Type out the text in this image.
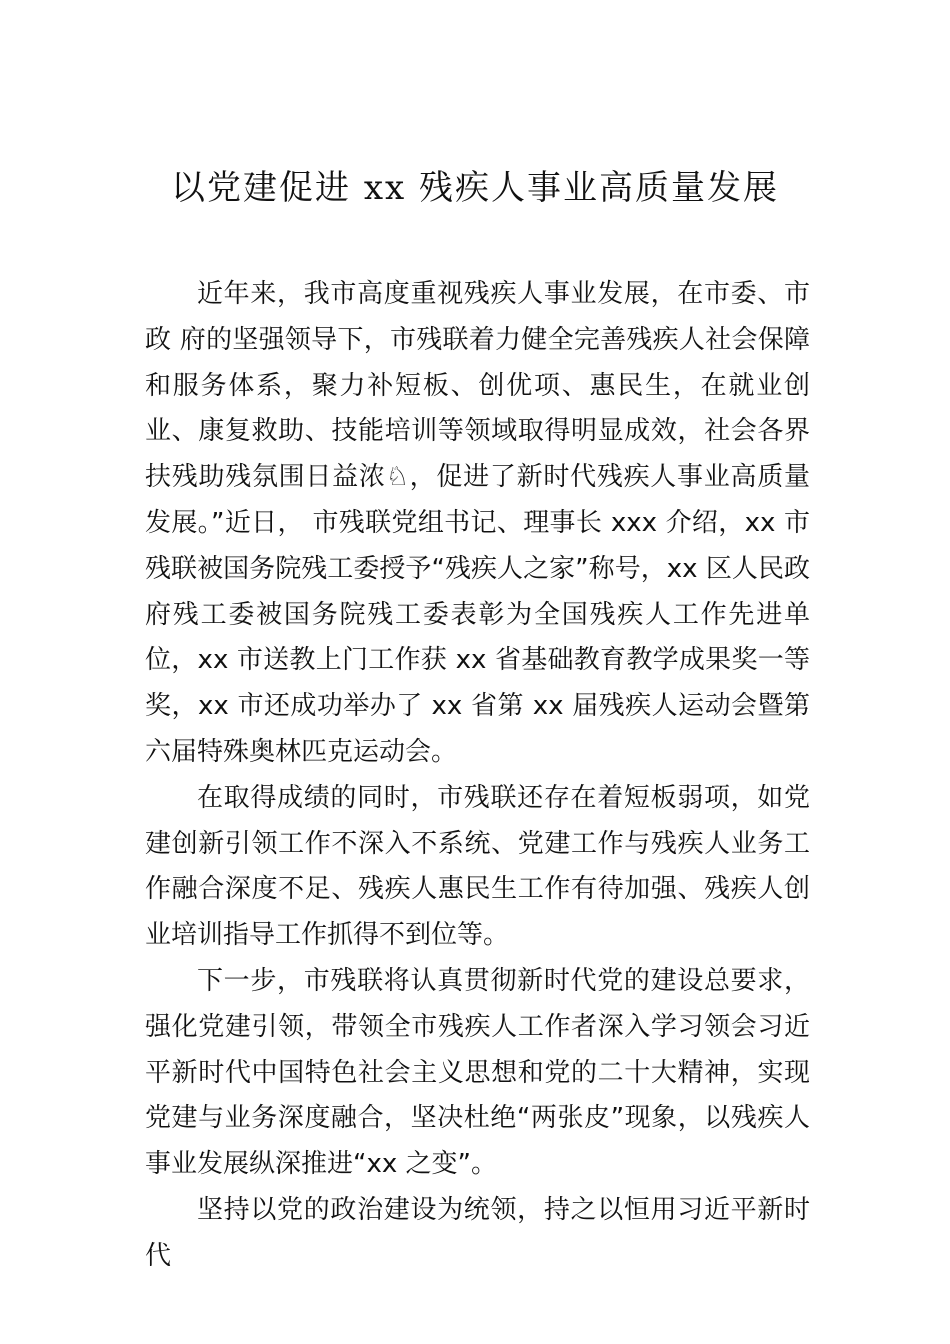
以党建促进 xx 残疾人事业高质量发展

近年来，我市高度重视残疾人事业发展，在市委、市政 府的坚强领导下，市残联着力健全完善残疾人社会保障和服务体系，聚力补短板、创优项、惠民生，在就业创业、康复救助、技能培训等领域取得明显成效，社会各界扶残助残氛围日益浓♘，促进了新时代残疾人事业高质量发展。”近日， 市残联党组书记、理事长 xxx 介绍，xx 市残联被国务院残工委授予“残疾人之家”称号，xx 区人民政府残工委被国务院残工委表彰为全国残疾人工作先进单位，xx 市送教上门工作获 xx 省基础教育教学成果奖一等奖，xx 市还成功举办了 xx 省第 xx 届残疾人运动会暨第六届特殊奥林匹克运动会。

在取得成绩的同时，市残联还存在着短板弱项，如党建创新引领工作不深入不系统、党建工作与残疾人业务工作融合深度不足、残疾人惠民生工作有待加强、残疾人创业培训指导工作抓得不到位等。

下一步，市残联将认真贯彻新时代党的建设总要求，强化党建引领，带领全市残疾人工作者深入学习领会习近平新时代中国特色社会主义思想和党的二十大精神，实现党建与业务深度融合，坚决杜绝“两张皮”现象，以残疾人事业发展纵深推进“xx 之变”。

坚持以党的政治建设为统领，持之以恒用习近平新时代
